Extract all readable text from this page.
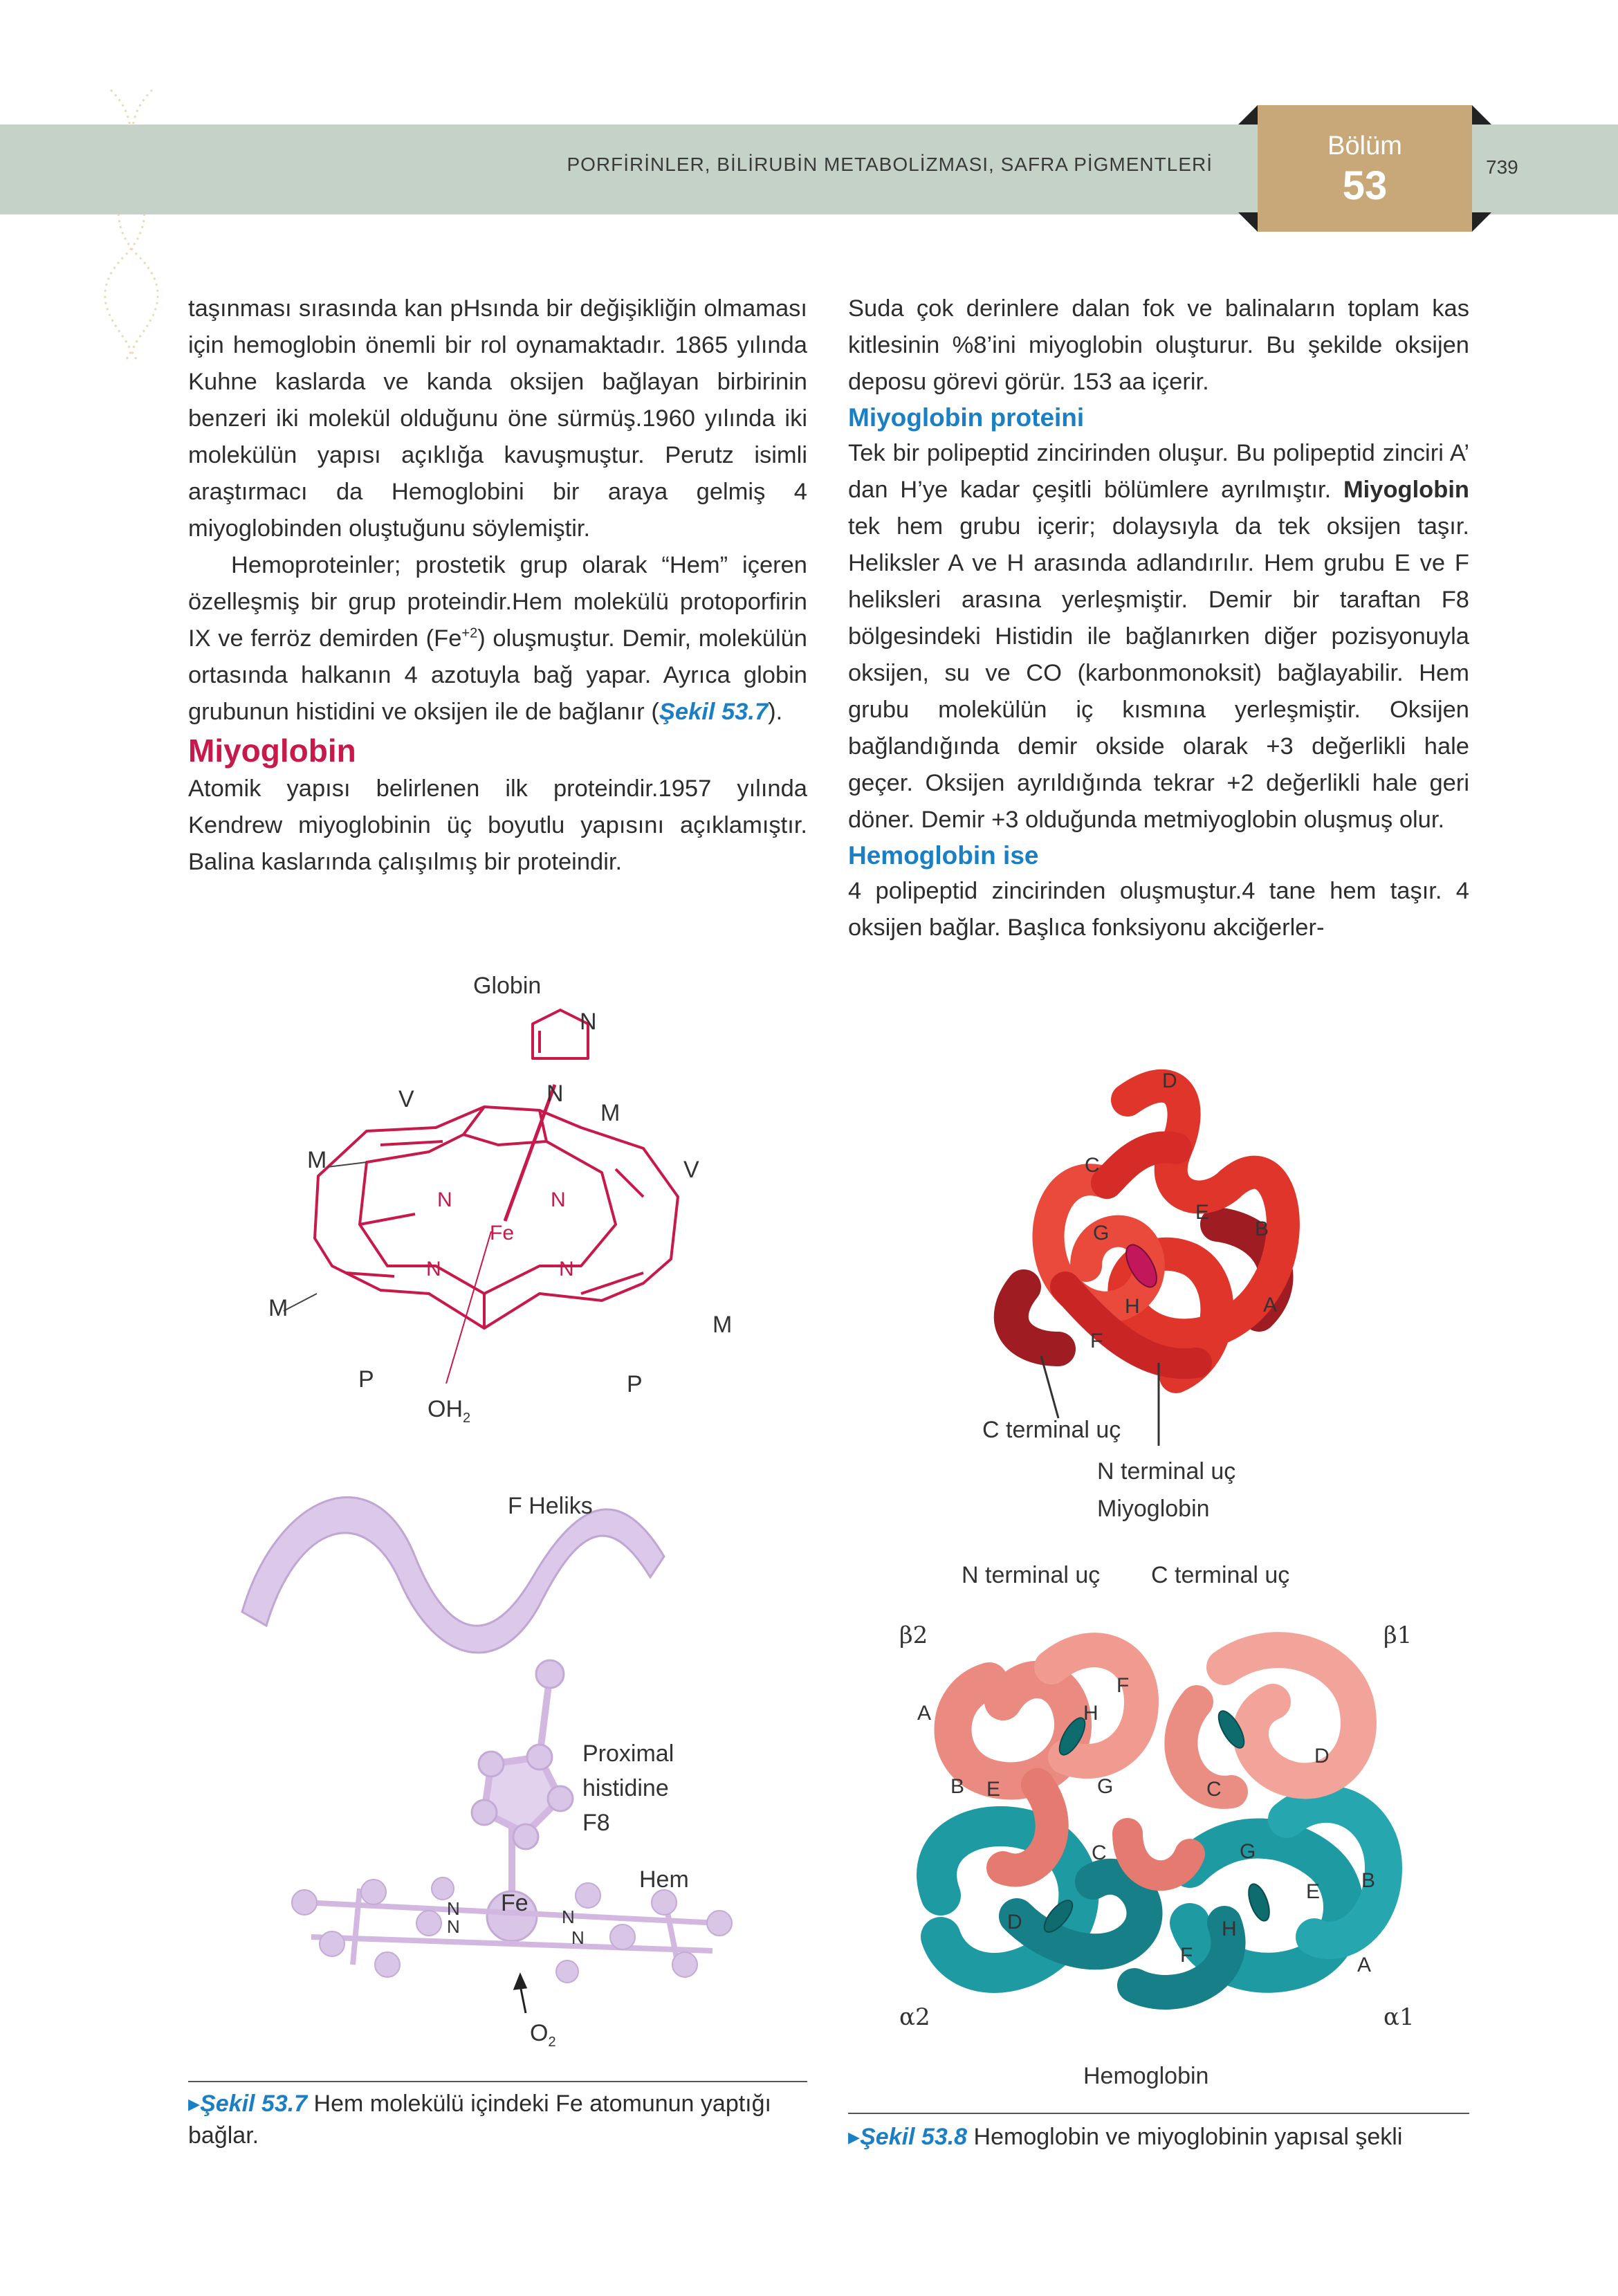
PORFİRİNLER, BİLİRUBİN METABOLİZMASI, SAFRA PİGMENTLERİ
Bölüm
53	739

taşınması sırasında kan pHsında bir değişikliğin olmaması için hemoglobin önemli bir rol oynamaktadır. 1865 yılında Kuhne kaslarda ve kanda oksijen bağlayan birbirinin benzeri iki molekül olduğunu öne sürmüş.1960 yılında iki molekülün yapısı açıklığa kavuşmuştur. Perutz isimli araştırmacı da Hemoglobini bir araya gelmiş 4 miyoglobinden oluştuğunu söylemiştir.

Hemoproteinler; prostetik grup olarak “Hem” içeren özelleşmiş bir grup proteindir.Hem molekülü protoporfirin IX ve ferröz demirden $(Fe^{+2})$ oluşmuştur. Demir, molekülün ortasında halkanın 4 azotuyla bağ yapar. Ayrıca globin grubunun histidini ve oksijen ile de bağlanır (Şekil 53.7).

Miyoglobin

Atomik yapısı belirlenen ilk proteindir.1957 yılında Kendrew miyoglobinin üç boyutlu yapısını açıklamıştır. Balina kaslarında çalışılmış bir proteindir.

Suda çok derinlere dalan fok ve balinaların toplam kas kitlesinin %8’ini miyoglobin oluşturur. Bu şekilde oksijen deposu görevi görür. 153 aa içerir.

Miyoglobin proteini

Tek bir polipeptid zincirinden oluşur. Bu polipeptid zinciri A’ dan H’ye kadar çeşitli bölümlere ayrılmıştır. Miyoglobin tek hem grubu içerir; dolaysıyla da tek oksijen taşır. Heliksler A ve H arasında adlandırılır. Hem grubu E ve F heliksleri arasına yerleşmiştir. Demir bir taraftan F8 bölgesindeki Histidin ile bağlanırken diğer pozisyonuyla oksijen, su ve CO (karbonmonoksit) bağlayabilir. Hem grubu molekülün iç kısmına yerleşmiştir. Oksijen bağlandığında demir okside olarak +3 değerlikli hale geçer. Oksijen ayrıldığında tekrar +2 değerlikli hale geri döner. Demir +3 olduğunda metmiyoglobin oluşmuş olur.

Hemoglobin ise

4 polipeptid zincirinden oluşmuştur.4 tane hem taşır. 4 oksijen bağlar. Başlıca fonksiyonu akciğerler-

Globin
N
N
V
M
M	V
N	N
Fe
N	N
M
M
P	P
$OH_2$
F Heliks
Proximal
histidine
F8
Hem
Fe
N
N	N
N
$O_2$
▸Şekil 53.7 Hem molekülü içindeki Fe atomunun yaptığı bağlar.
D
C
E
G	B
H	A
F
C terminal uç
N terminal uç
Miyoglobin
N terminal uç C terminal uç
β2	β1
A
F
H
B E	G	C
D
C	G
E B
D	H
F	A
α2	α1
Hemoglobin
▸Şekil 53.8 Hemoglobin ve miyoglobinin yapısal şekli
